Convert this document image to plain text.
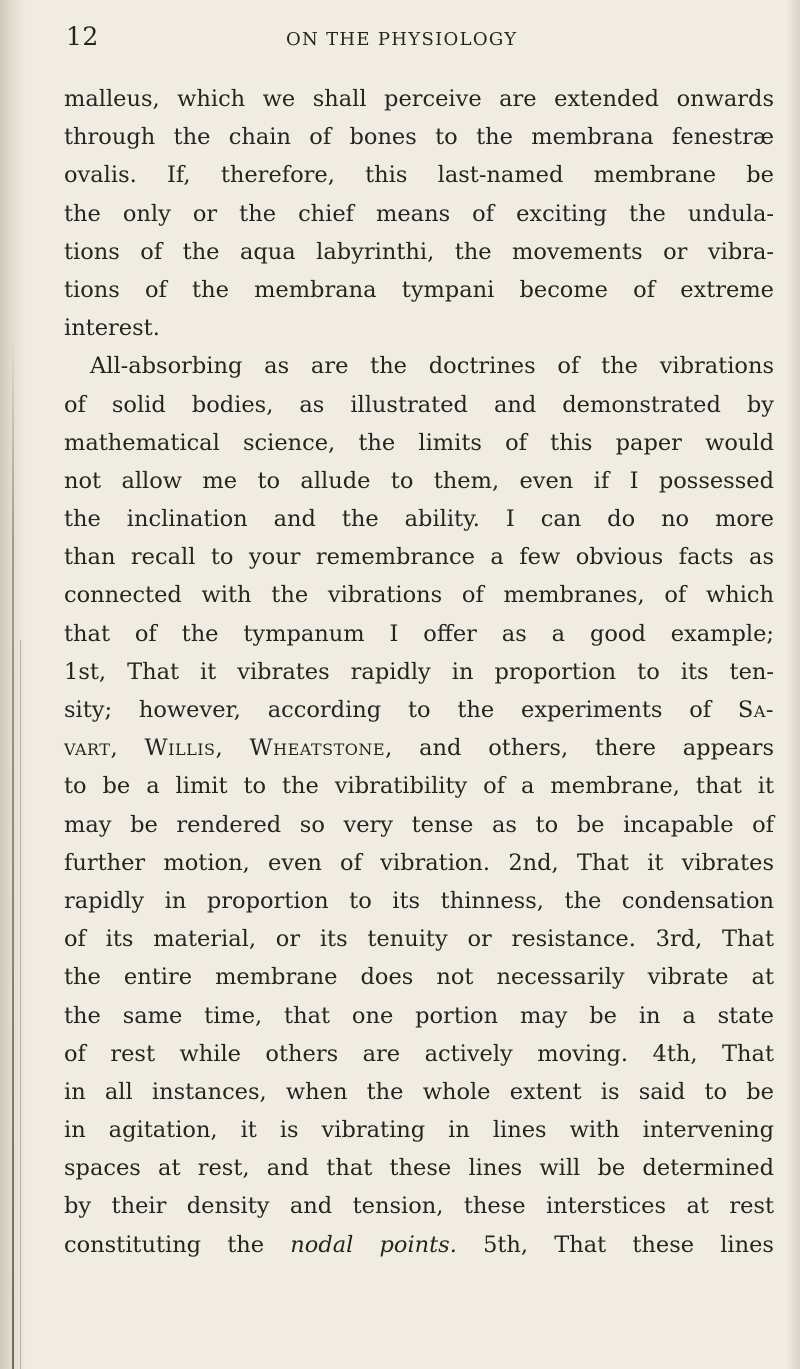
12	ON THE PHYSIOLOGY
malleus, which we shall perceive are extended onwards
through the chain of bones to the membrana fenestræ
ovalis. If, therefore, this last-named membrane be
the only or the chief means of exciting the undula-
tions of the aqua labyrinthi, the movements or vibra-
tions of the membrana tympani become of extreme
interest.
All-absorbing as are the doctrines of the vibrations
of solid bodies, as illustrated and demonstrated by
mathematical science, the limits of this paper would
not allow me to allude to them, even if I possessed
the inclination and the ability. I can do no more
than recall to your remembrance a few obvious facts as
connected with the vibrations of membranes, of which
that of the tympanum I offer as a good example;
1st, That it vibrates rapidly in proportion to its ten-
sity; however, according to the experiments of Sa-
vart, Willis, Wheatstone, and others, there appears
to be a limit to the vibratibility of a membrane, that it
may be rendered so very tense as to be incapable of
further motion, even of vibration. 2nd, That it vibrates
rapidly in proportion to its thinness, the condensation
of its material, or its tenuity or resistance. 3rd, That
the entire membrane does not necessarily vibrate at
the same time, that one portion may be in a state
of rest while others are actively moving. 4th, That
in all instances, when the whole extent is said to be
in agitation, it is vibrating in lines with intervening
spaces at rest, and that these lines will be determined
by their density and tension, these interstices at rest
constituting the nodal points. 5th, That these lines
